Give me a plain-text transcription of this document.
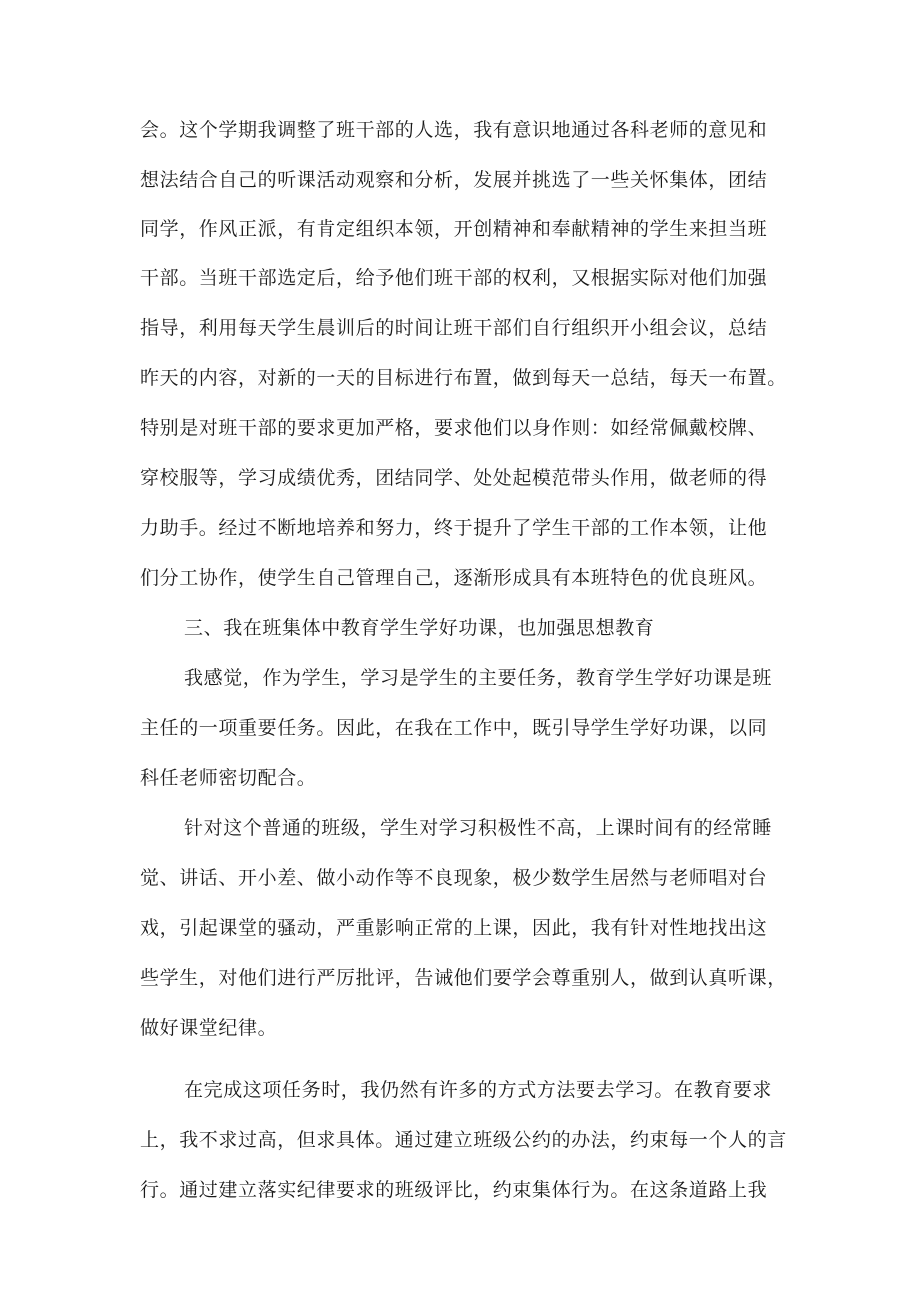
会。这个学期我调整了班干部的人选，我有意识地通过各科老师的意见和
想法结合自己的听课活动观察和分析，发展并挑选了一些关怀集体，团结
同学，作风正派，有肯定组织本领，开创精神和奉献精神的学生来担当班
干部。当班干部选定后，给予他们班干部的权利，又根据实际对他们加强
指导，利用每天学生晨训后的时间让班干部们自行组织开小组会议，总结
昨天的内容，对新的一天的目标进行布置，做到每天一总结，每天一布置。
特别是对班干部的要求更加严格，要求他们以身作则：如经常佩戴校牌、
穿校服等，学习成绩优秀，团结同学、处处起模范带头作用，做老师的得
力助手。经过不断地培养和努力，终于提升了学生干部的工作本领，让他
们分工协作，使学生自己管理自己，逐渐形成具有本班特色的优良班风。
三、我在班集体中教育学生学好功课，也加强思想教育
我感觉，作为学生，学习是学生的主要任务，教育学生学好功课是班
主任的一项重要任务。因此，在我在工作中，既引导学生学好功课，以同
科任老师密切配合。
针对这个普通的班级，学生对学习积极性不高，上课时间有的经常睡
觉、讲话、开小差、做小动作等不良现象，极少数学生居然与老师唱对台
戏，引起课堂的骚动，严重影响正常的上课，因此，我有针对性地找出这
些学生，对他们进行严厉批评，告诫他们要学会尊重别人，做到认真听课，
做好课堂纪律。
在完成这项任务时，我仍然有许多的方式方法要去学习。在教育要求
上，我不求过高，但求具体。通过建立班级公约的办法，约束每一个人的言
行。通过建立落实纪律要求的班级评比，约束集体行为。在这条道路上我
